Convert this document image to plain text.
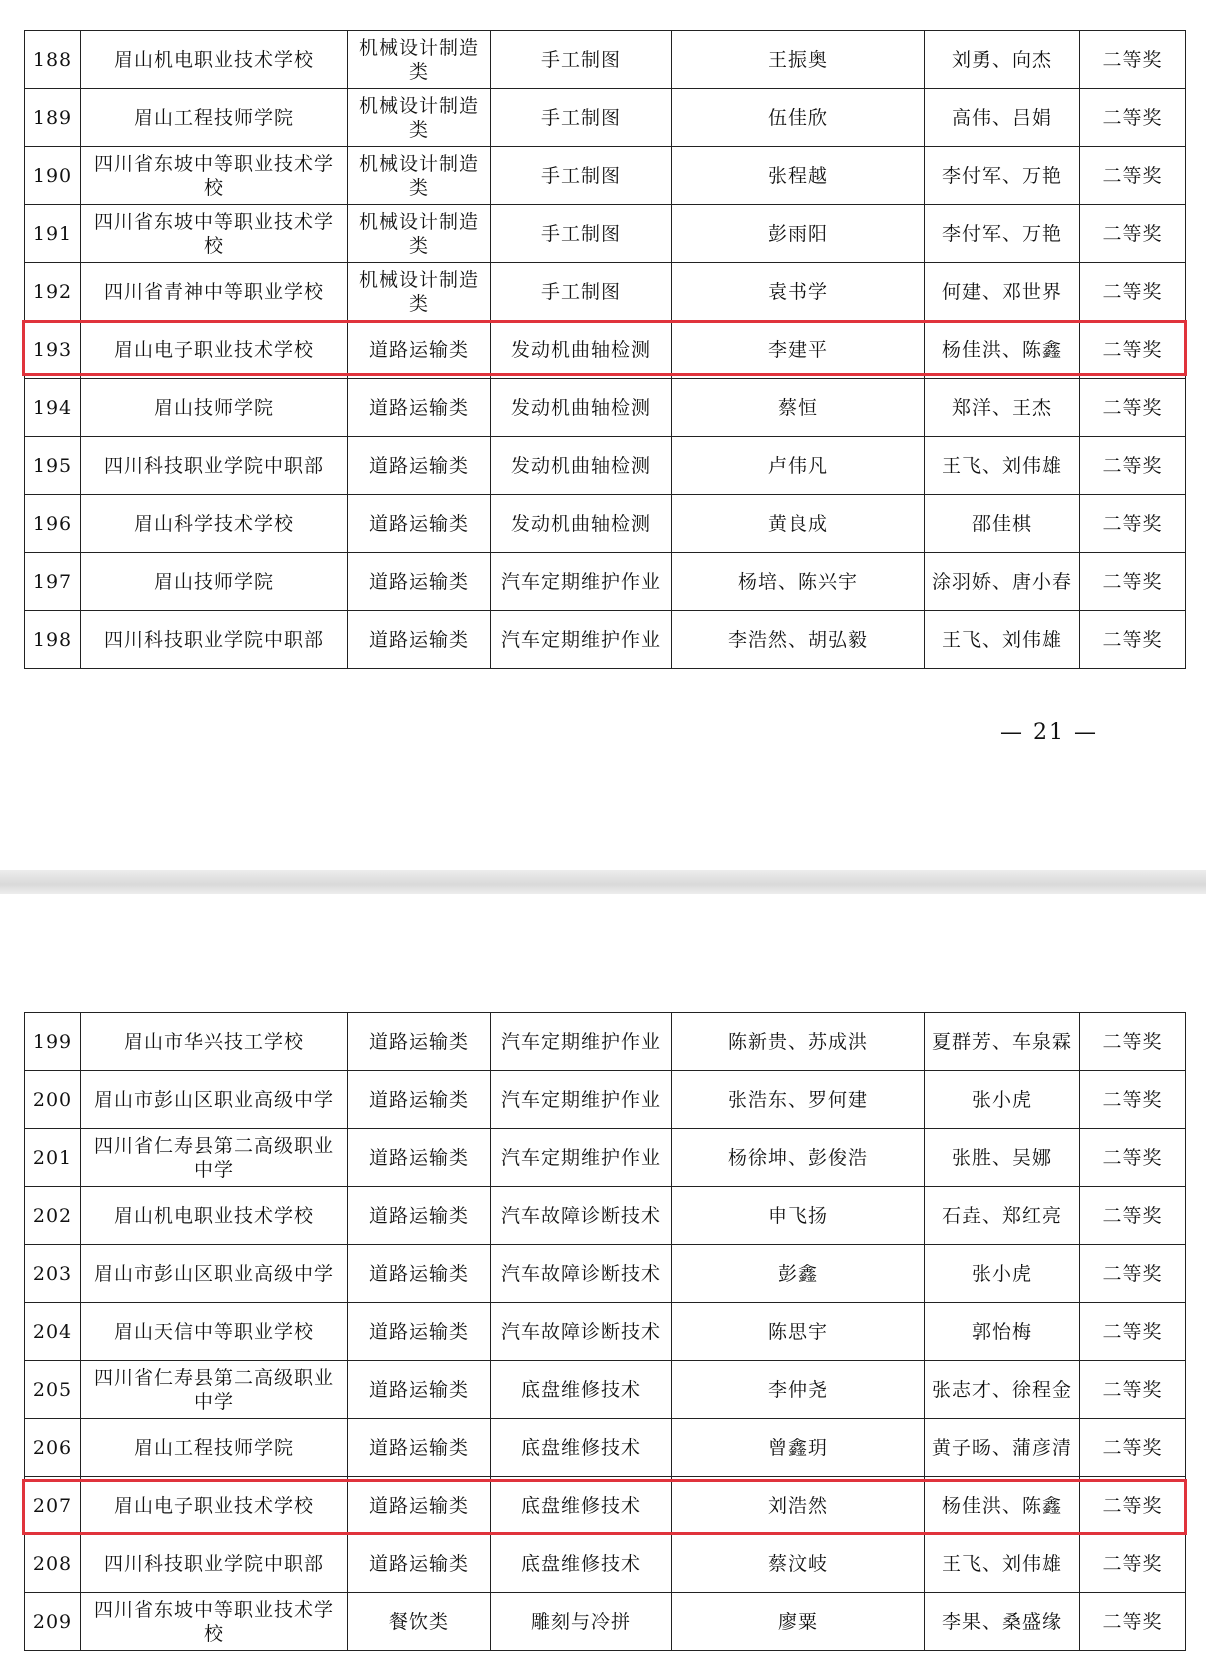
188	眉山机电职业技术学校	机械设计制造类	手工制图	王振奥	刘勇、向杰	二等奖
189	眉山工程技师学院	机械设计制造类	手工制图	伍佳欣	高伟、吕娟	二等奖
190	四川省东坡中等职业技术学校	机械设计制造类	手工制图	张程越	李付军、万艳	二等奖
191	四川省东坡中等职业技术学校	机械设计制造类	手工制图	彭雨阳	李付军、万艳	二等奖
192	四川省青神中等职业学校	机械设计制造类	手工制图	袁书学	何建、邓世界	二等奖
193	眉山电子职业技术学校	道路运输类	发动机曲轴检测	李建平	杨佳洪、陈鑫	二等奖
194	眉山技师学院	道路运输类	发动机曲轴检测	蔡恒	郑洋、王杰	二等奖
195	四川科技职业学院中职部	道路运输类	发动机曲轴检测	卢伟凡	王飞、刘伟雄	二等奖
196	眉山科学技术学校	道路运输类	发动机曲轴检测	黄良成	邵佳棋	二等奖
197	眉山技师学院	道路运输类	汽车定期维护作业	杨培、陈兴宇	涂羽娇、唐小春	二等奖
198	四川科技职业学院中职部	道路运输类	汽车定期维护作业	李浩然、胡弘毅	王飞、刘伟雄	二等奖
— 21 —
199	眉山市华兴技工学校	道路运输类	汽车定期维护作业	陈新贵、苏成洪	夏群芳、车泉霖	二等奖
200	眉山市彭山区职业高级中学	道路运输类	汽车定期维护作业	张浩东、罗何建	张小虎	二等奖
201	四川省仁寿县第二高级职业中学	道路运输类	汽车定期维护作业	杨徐坤、彭俊浩	张胜、吴娜	二等奖
202	眉山机电职业技术学校	道路运输类	汽车故障诊断技术	申飞扬	石垚、郑红亮	二等奖
203	眉山市彭山区职业高级中学	道路运输类	汽车故障诊断技术	彭鑫	张小虎	二等奖
204	眉山天信中等职业学校	道路运输类	汽车故障诊断技术	陈思宇	郭怡梅	二等奖
205	四川省仁寿县第二高级职业中学	道路运输类	底盘维修技术	李仲尧	张志才、徐程金	二等奖
206	眉山工程技师学院	道路运输类	底盘维修技术	曾鑫玥	黄子旸、蒲彦清	二等奖
207	眉山电子职业技术学校	道路运输类	底盘维修技术	刘浩然	杨佳洪、陈鑫	二等奖
208	四川科技职业学院中职部	道路运输类	底盘维修技术	蔡汶岐	王飞、刘伟雄	二等奖
209	四川省东坡中等职业技术学校	餐饮类	雕刻与冷拼	廖粟	李果、桑盛缘	二等奖
